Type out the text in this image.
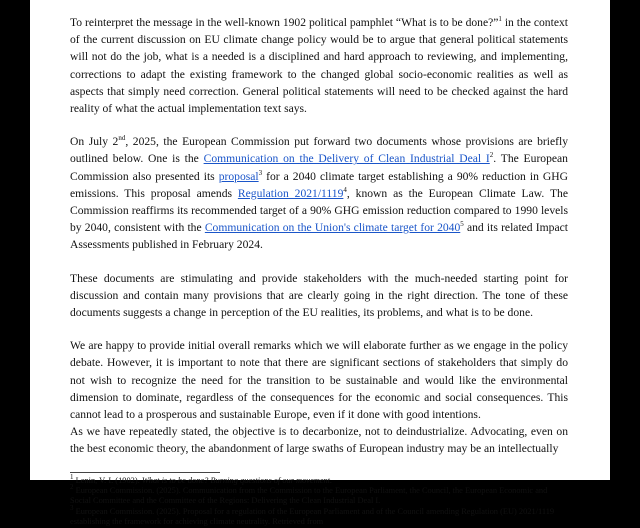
To reinterpret the message in the well-known 1902 political pamphlet “What is to be done?”$^1$ in the context of the current discussion on EU climate change policy would be to argue that general political statements will not do the job, what is a needed is a disciplined and hard approach to reviewing, and implementing, corrections to adapt the existing framework to the changed global socio-economic realities as well as aspects that simply need correction. General political statements will need to be checked against the hard reality of what the actual implementation text says.

On July 2nd, 2025, the European Commission put forward two documents whose provisions are briefly outlined below. One is the Communication on the Delivery of Clean Industrial Deal $I^2$. The European Commission also presented its proposal$^3$ for a 2040 climate target establishing a 90% reduction in GHG emissions. This proposal amends Regulation 2021/1119$^4$, known as the European Climate Law. The Commission reaffirms its recommended target of a 90% GHG emission reduction compared to 1990 levels by 2040, consistent with the Communication on the Union's climate target for 2040$^5$ and its related Impact Assessments published in February 2024.

These documents are stimulating and provide stakeholders with the much-needed starting point for discussion and contain many provisions that are clearly going in the right direction. The tone of these documents suggests a change in perception of the EU realities, its problems, and what is to be done.

We are happy to provide initial overall remarks which we will elaborate further as we engage in the policy debate. However, it is important to note that there are significant sections of stakeholders that simply do not wish to recognize the need for the transition to be sustainable and would like the environmental dimension to dominate, regardless of the consequences for the economic and social consequences. This cannot lead to a prosperous and sustainable Europe, even if it done with good intentions.

As we have repeatedly stated, the objective is to decarbonize, not to deindustrialize. Advocating, even on the best economic theory, the abandonment of large swaths of European industry may be an intellectually

$^1$ Lenin, V. I. (1902). What is to be done? Burning questions of our movement.

$^2$ European Commission. (2025). Communication from the Commission to the European Parliament, the Council, the European Economic and Social Committee and the Committee of the Regions: Delivering the Clean Industrial Deal I.

$^3$ European Commission. (2025). Proposal for a regulation of the European Parliament and of the Council amending Regulation (EU) 2021/1119 establishing the framework for achieving climate neutrality. Retrieved from
